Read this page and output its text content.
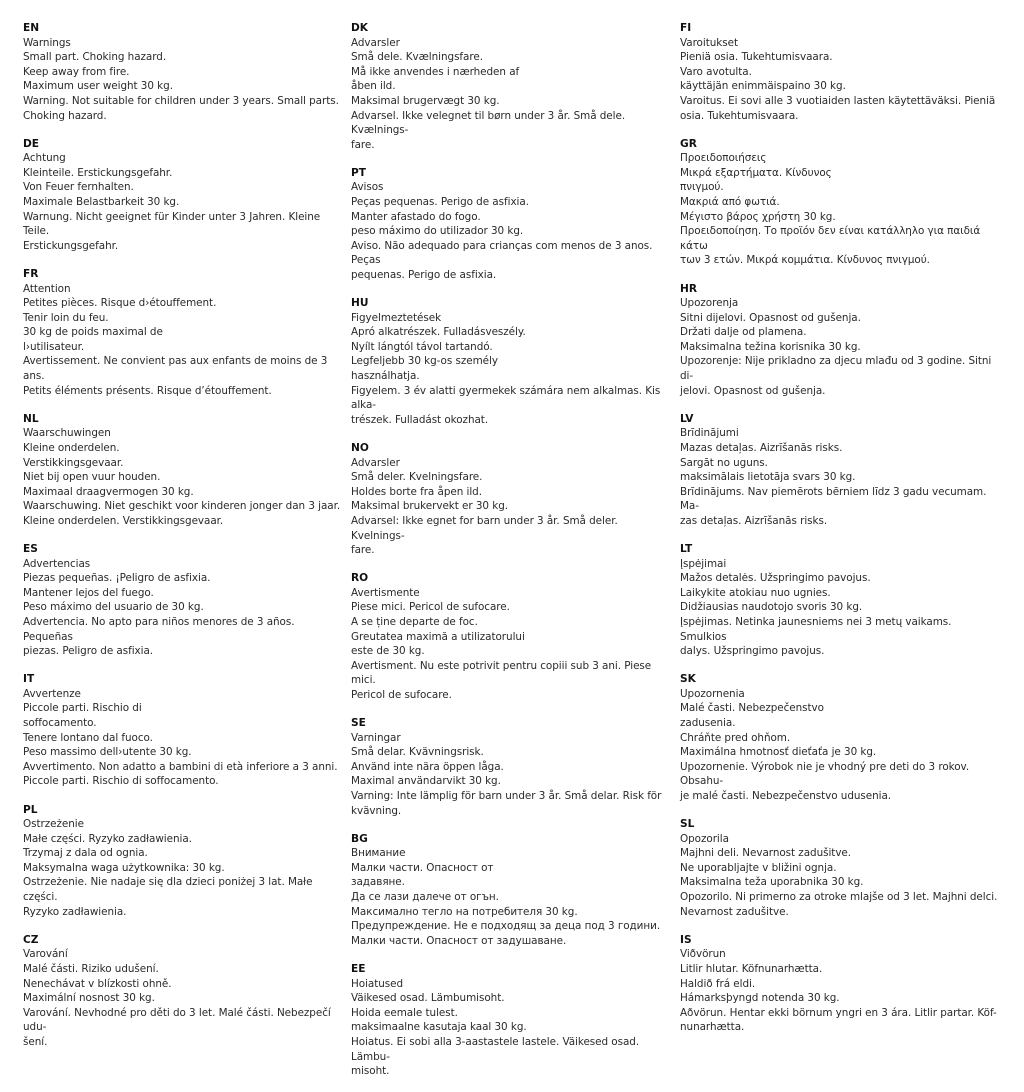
EN
Warnings
Small part. Choking hazard.
Keep away from fire.
Maximum user weight 30 kg.
Warning. Not suitable for children under 3 years. Small parts.
Choking hazard.
DE
Achtung
Kleinteile. Erstickungsgefahr.
Von Feuer fernhalten.
Maximale Belastbarkeit 30 kg.
Warnung. Nicht geeignet für Kinder unter 3 Jahren. Kleine Teile.
Erstickungsgefahr.
FR
Attention
Petites pièces. Risque d›étouffement.
Tenir loin du feu.
30 kg de poids maximal de
l›utilisateur.
Avertissement. Ne convient pas aux enfants de moins de 3 ans.
Petits éléments présents. Risque d’étouffement.
NL
Waarschuwingen
Kleine onderdelen.
Verstikkingsgevaar.
Niet bij open vuur houden.
Maximaal draagvermogen 30 kg.
Waarschuwing. Niet geschikt voor kinderen jonger dan 3 jaar.
Kleine onderdelen. Verstikkingsgevaar.
ES
Advertencias
Piezas pequeñas. ¡Peligro de asfixia.
Mantener lejos del fuego.
Peso máximo del usuario de 30 kg.
Advertencia. No apto para niños menores de 3 años. Pequeñas
piezas. Peligro de asfixia.
IT
Avvertenze
Piccole parti. Rischio di
soffocamento.
Tenere lontano dal fuoco.
Peso massimo dell›utente 30 kg.
Avvertimento. Non adatto a bambini di età inferiore a 3 anni.
Piccole parti. Rischio di soffocamento.
PL
Ostrzeżenie
Małe części. Ryzyko zadławienia.
Trzymaj z dala od ognia.
Maksymalna waga użytkownika: 30 kg.
Ostrzeżenie. Nie nadaje się dla dzieci poniżej 3 lat. Małe części.
Ryzyko zadławienia.
CZ
Varování
Malé části. Riziko udušení.
Nenechávat v blízkosti ohně.
Maximální nosnost 30 kg.
Varování. Nevhodné pro děti do 3 let. Malé části. Nebezpečí udu-
šení.
DK
Advarsler
Små dele. Kvælningsfare.
Må ikke anvendes i nærheden af
åben ild.
Maksimal brugervægt 30 kg.
Advarsel. Ikke velegnet til børn under 3 år. Små dele. Kvælnings-
fare.
PT
Avisos
Peças pequenas. Perigo de asfixia.
Manter afastado do fogo.
peso máximo do utilizador 30 kg.
Aviso. Não adequado para crianças com menos de 3 anos. Peças
pequenas. Perigo de asfixia.
HU
Figyelmeztetések
Apró alkatrészek. Fulladásveszély.
Nyílt lángtól távol tartandó.
Legfeljebb 30 kg-os személy
használhatja.
Figyelem. 3 év alatti gyermekek számára nem alkalmas. Kis alka-
trészek. Fulladást okozhat.
NO
Advarsler
Små deler. Kvelningsfare.
Holdes borte fra åpen ild.
Maksimal brukervekt er 30 kg.
Advarsel: Ikke egnet for barn under 3 år. Små deler. Kvelnings-
fare.
RO
Avertismente
Piese mici. Pericol de sufocare.
A se ține departe de foc.
Greutatea maximă a utilizatorului
este de 30 kg.
Avertisment. Nu este potrivit pentru copiii sub 3 ani. Piese mici.
Pericol de sufocare.
SE
Varningar
Små delar. Kvävningsrisk.
Använd inte nära öppen låga.
Maximal användarvikt 30 kg.
Varning: Inte lämplig för barn under 3 år. Små delar. Risk för
kvävning.
BG
Внимание
Малки части. Опасност от
задавяне.
Да се лази далече от огън.
Максимално тегло на потребителя 30 kg.
Предупреждение. Не е подходящ за деца под 3 години.
Малки части. Опасност от задушаване.
EE
Hoiatused
Väikesed osad. Lämbumisoht.
Hoida eemale tulest.
maksimaalne kasutaja kaal 30 kg.
Hoiatus. Ei sobi alla 3-aastastele lastele. Väikesed osad. Lämbu-
misoht.
FI
Varoitukset
Pieniä osia. Tukehtumisvaara.
Varo avotulta.
käyttäjän enimmäispaino 30 kg.
Varoitus. Ei sovi alle 3 vuotiaiden lasten käytettäväksi. Pieniä
osia. Tukehtumisvaara.
GR
Προειδοποιήσεις
Μικρά εξαρτήματα. Κίνδυνος
πνιγμού.
Μακριά από φωτιά.
Μέγιστο βάρος χρήστη 30 kg.
Προειδοποίηση. Το προϊόν δεν είναι κατάλληλο για παιδιά κάτω
των 3 ετών. Μικρά κομμάτια. Κίνδυνος πνιγμού.
HR
Upozorenja
Sitni dijelovi. Opasnost od gušenja.
Držati dalje od plamena.
Maksimalna težina korisnika 30 kg.
Upozorenje: Nije prikladno za djecu mlađu od 3 godine. Sitni di-
jelovi. Opasnost od gušenja.
LV
Brīdinājumi
Mazas detaļas. Aizrīšanās risks.
Sargāt no uguns.
maksimālais lietotāja svars 30 kg.
Brīdinājums. Nav piemērots bērniem līdz 3 gadu vecumam. Ma-
zas detaļas. Aizrīšanās risks.
LT
Įspėjimai
Mažos detalės. Užspringimo pavojus.
Laikykite atokiau nuo ugnies.
Didžiausias naudotojo svoris 30 kg.
Įspėjimas. Netinka jaunesniems nei 3 metų vaikams. Smulkios
dalys. Užspringimo pavojus.
SK
Upozornenia
Malé časti. Nebezpečenstvo
zadusenia.
Chráňte pred ohňom.
Maximálna hmotnosť dieťaťa je 30 kg.
Upozornenie. Výrobok nie je vhodný pre deti do 3 rokov. Obsahu-
je malé časti. Nebezpečenstvo udusenia.
SL
Opozorila
Majhni deli. Nevarnost zadušitve.
Ne uporabljajte v bližini ognja.
Maksimalna teža uporabnika 30 kg.
Opozorilo. Ni primerno za otroke mlajše od 3 let. Majhni delci.
Nevarnost zadušitve.
IS
Viðvörun
Litlir hlutar. Köfnunarhætta.
Haldið frá eldi.
Hámarksþyngd notenda 30 kg.
Aðvörun. Hentar ekki börnum yngri en 3 ára. Litlir partar. Köf-
nunarhætta.
